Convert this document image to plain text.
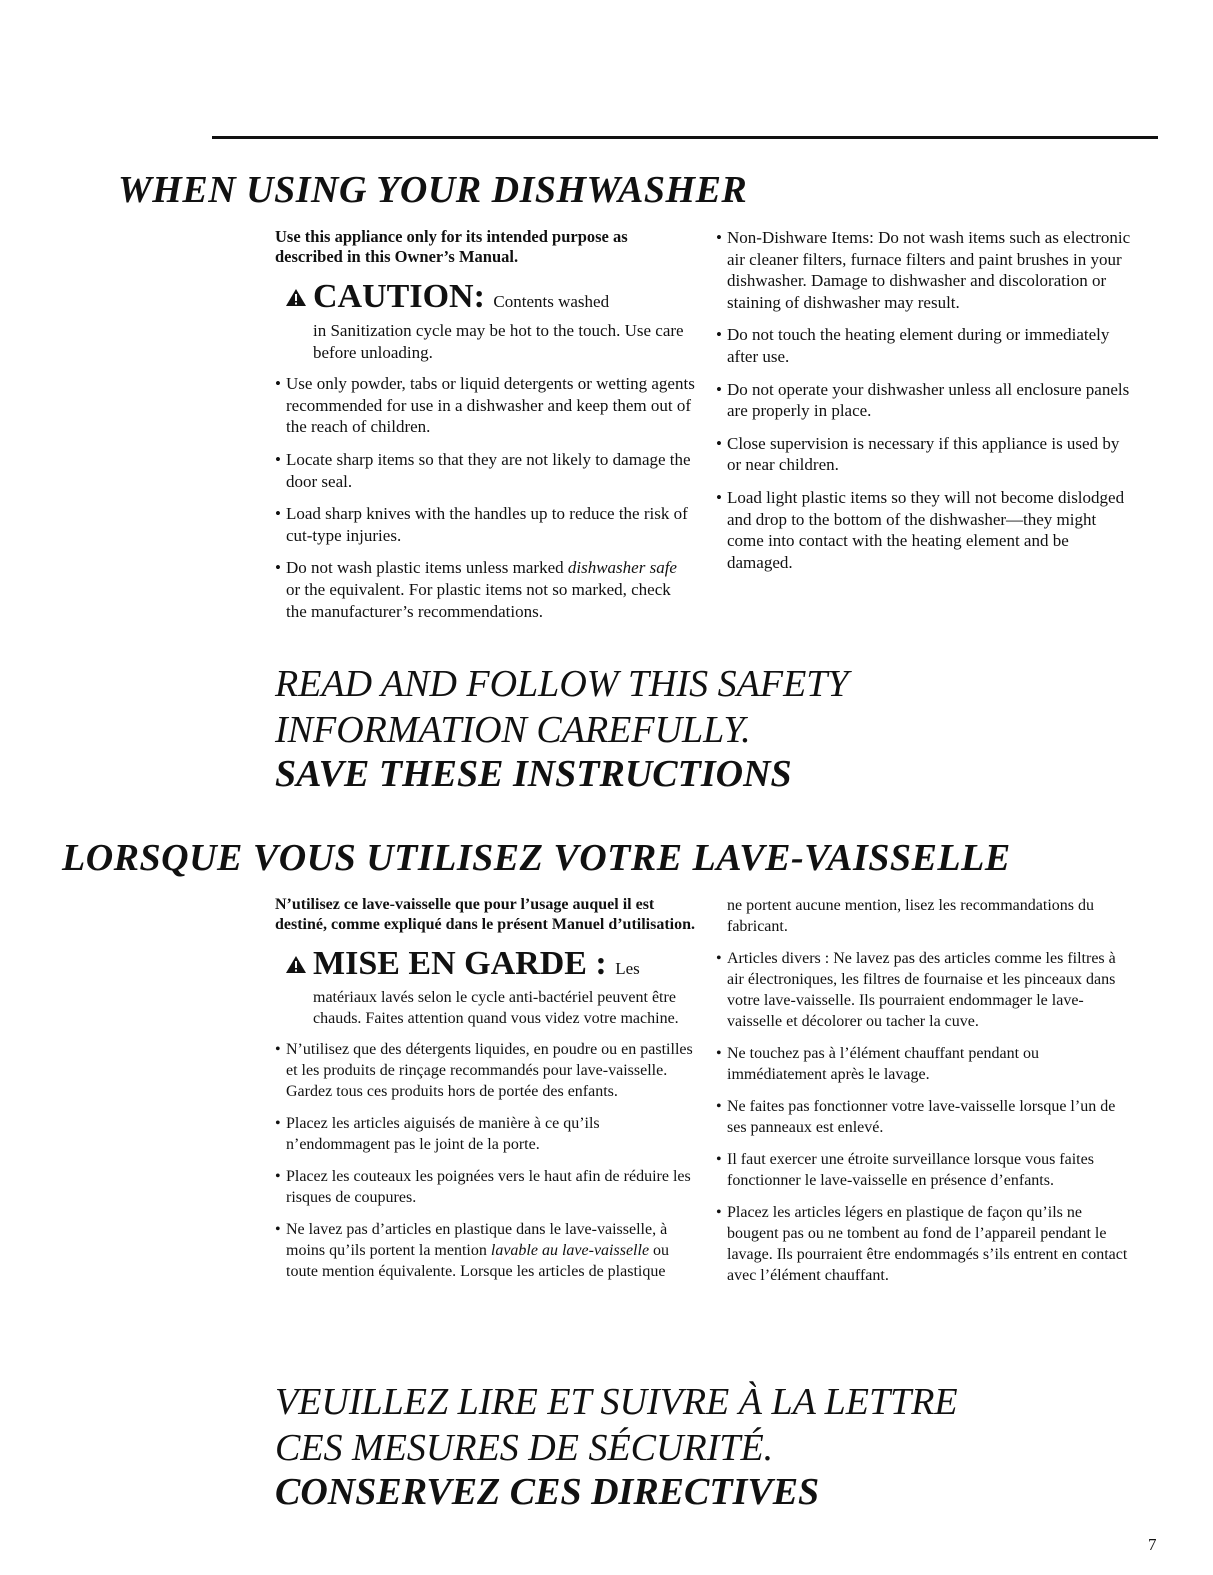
WHEN USING YOUR DISHWASHER

Use this appliance only for its intended purpose as described in this Owner’s Manual.

CAUTION: Contents washed
in Sanitization cycle may be hot to the touch. Use care before unloading.
• Use only powder, tabs or liquid detergents or wetting agents recommended for use in a dishwasher and keep them out of the reach of children.
• Locate sharp items so that they are not likely to damage the door seal.
• Load sharp knives with the handles up to reduce the risk of cut-type injuries.
• Do not wash plastic items unless marked dishwasher safe or the equivalent. For plastic items not so marked, check the manufacturer’s recommendations.
• Non-Dishware Items: Do not wash items such as electronic air cleaner filters, furnace filters and paint brushes in your dishwasher. Damage to dishwasher and discoloration or staining of dishwasher may result.
• Do not touch the heating element during or immediately after use.
• Do not operate your dishwasher unless all enclosure panels are properly in place.
• Close supervision is necessary if this appliance is used by or near children.
• Load light plastic items so they will not become dislodged and drop to the bottom of the dishwasher—they might come into contact with the heating element and be damaged.

READ AND FOLLOW THIS SAFETY

INFORMATION CAREFULLY.

SAVE THESE INSTRUCTIONS

LORSQUE VOUS UTILISEZ VOTRE LAVE-VAISSELLE

N’utilisez ce lave-vaisselle que pour l’usage auquel il est destiné, comme expliqué dans le présent Manuel d’utilisation.

MISE EN GARDE : Les
matériaux lavés selon le cycle anti-bactériel peuvent être chauds. Faites attention quand vous videz votre machine.
• N’utilisez que des détergents liquides, en poudre ou en pastilles et les produits de rinçage recommandés pour lave-vaisselle. Gardez tous ces produits hors de portée des enfants.
• Placez les articles aiguisés de manière à ce qu’ils n’endommagent pas le joint de la porte.
• Placez les couteaux les poignées vers le haut afin de réduire les risques de coupures.
• Ne lavez pas d’articles en plastique dans le lave-vaisselle, à moins qu’ils portent la mention lavable au lave-vaisselle ou toute mention équivalente. Lorsque les articles de plastique

ne portent aucune mention, lisez les recommandations du fabricant.

• Articles divers : Ne lavez pas des articles comme les filtres à air électroniques, les filtres de fournaise et les pinceaux dans votre lave-vaisselle. Ils pourraient endommager le lave-vaisselle et décolorer ou tacher la cuve.
• Ne touchez pas à l’élément chauffant pendant ou immédiatement après le lavage.
• Ne faites pas fonctionner votre lave-vaisselle lorsque l’un de ses panneaux est enlevé.
• Il faut exercer une étroite surveillance lorsque vous faites fonctionner le lave-vaisselle en présence d’enfants.
• Placez les articles légers en plastique de façon qu’ils ne bougent pas ou ne tombent au fond de l’appareil pendant le lavage. Ils pourraient être endommagés s’ils entrent en contact avec l’élément chauffant.

VEUILLEZ LIRE ET SUIVRE À LA LETTRE

CES MESURES DE SÉCURITÉ.

CONSERVEZ CES DIRECTIVES

7
